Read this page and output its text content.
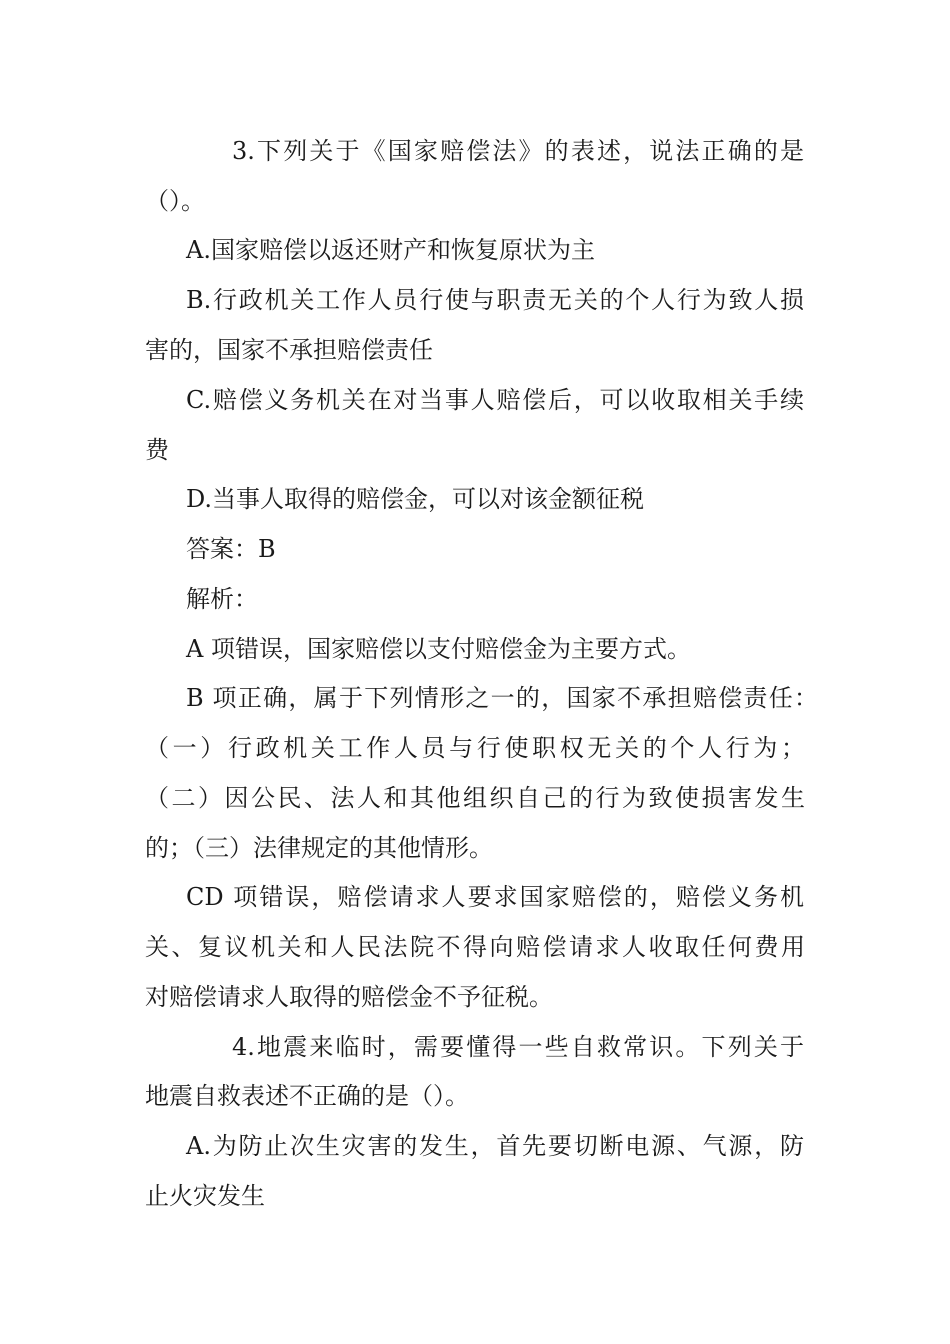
3.下列关于《国家赔偿法》的表述，说法正确的是
（）。
A.国家赔偿以返还财产和恢复原状为主
B.行政机关工作人员行使与职责无关的个人行为致人损
害的，国家不承担赔偿责任
C.赔偿义务机关在对当事人赔偿后，可以收取相关手续
费
D.当事人取得的赔偿金，可以对该金额征税
答案：B
解析：
A 项错误，国家赔偿以支付赔偿金为主要方式。
B 项正确，属于下列情形之一的，国家不承担赔偿责任：
（一）行政机关工作人员与行使职权无关的个人行为；
（二）因公民、法人和其他组织自己的行为致使损害发生
的；（三）法律规定的其他情形。
CD 项错误，赔偿请求人要求国家赔偿的，赔偿义务机
关、复议机关和人民法院不得向赔偿请求人收取任何费用
对赔偿请求人取得的赔偿金不予征税。
4.地震来临时，需要懂得一些自救常识。下列关于
地震自救表述不正确的是（）。
A.为防止次生灾害的发生，首先要切断电源、气源，防
止火灾发生
